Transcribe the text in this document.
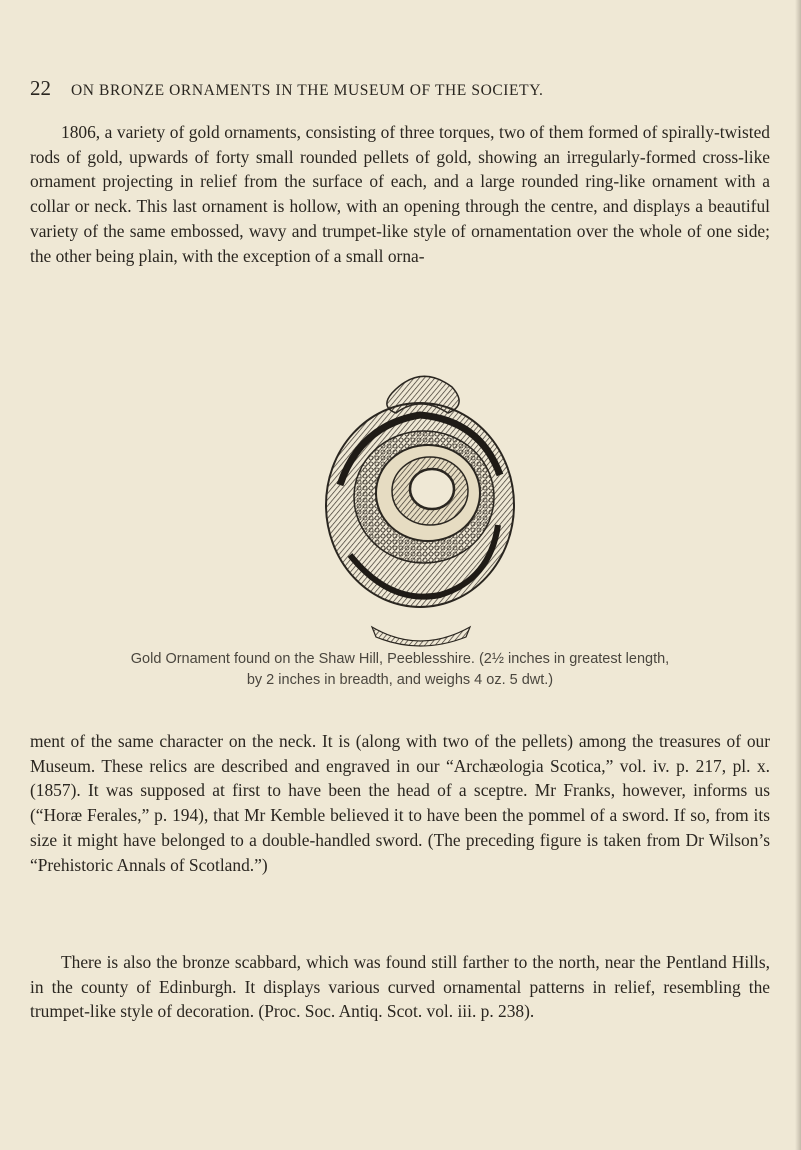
22 ON BRONZE ORNAMENTS IN THE MUSEUM OF THE SOCIETY.

1806, a variety of gold ornaments, consisting of three torques, two of them formed of spirally-twisted rods of gold, upwards of forty small rounded pellets of gold, showing an irregularly-formed cross-like ornament projecting in relief from the surface of each, and a large rounded ring-like ornament with a collar or neck. This last ornament is hollow, with an opening through the centre, and displays a beautiful variety of the same embossed, wavy and trumpet-like style of ornamentation over the whole of one side; the other being plain, with the exception of a small orna-

Gold Ornament found on the Shaw Hill, Peeblesshire. (2½ inches in greatest length,
by 2 inches in breadth, and weighs 4 oz. 5 dwt.)

ment of the same character on the neck. It is (along with two of the pellets) among the treasures of our Museum. These relics are described and engraved in our “Archæologia Scotica,” vol. iv. p. 217, pl. x. (1857). It was supposed at first to have been the head of a sceptre. Mr Franks, however, informs us (“Horæ Ferales,” p. 194), that Mr Kemble believed it to have been the pommel of a sword. If so, from its size it might have belonged to a double-handled sword. (The preceding figure is taken from Dr Wilson’s “Prehistoric Annals of Scotland.”)

There is also the bronze scabbard, which was found still farther to the north, near the Pentland Hills, in the county of Edinburgh. It displays various curved ornamental patterns in relief, resembling the trumpet-like style of decoration. (Proc. Soc. Antiq. Scot. vol. iii. p. 238).
